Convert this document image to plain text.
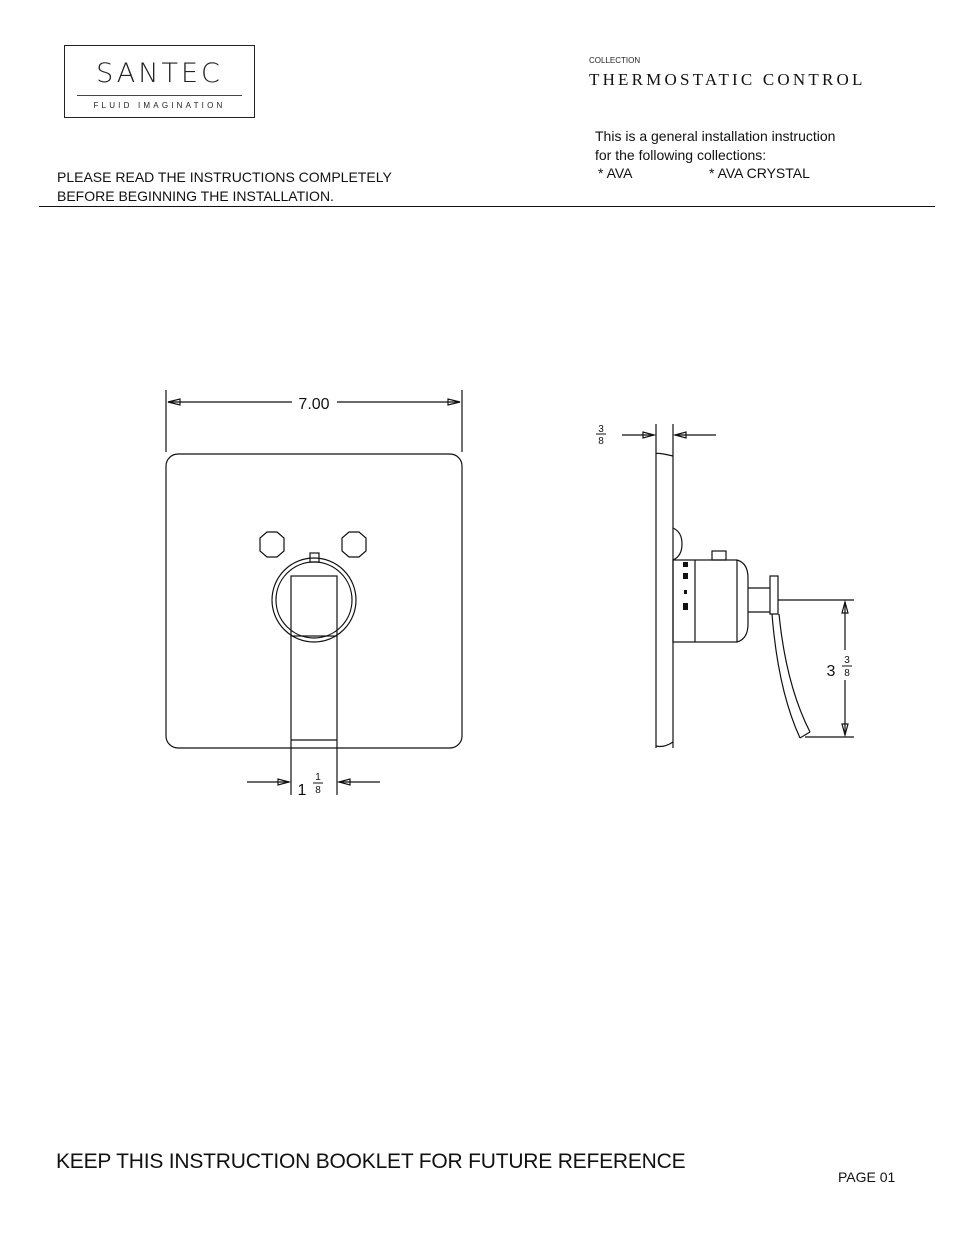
SANTEC
FLUID IMAGINATION
COLLECTION
THERMOSTATIC CONTROL
This is a general installation instruction
for the following collections:
* AVA	* AVA CRYSTAL
PLEASE READ THE INSTRUCTIONS COMPLETELY
BEFORE BEGINNING THE INSTALLATION.
7.00
1
1
8
3
8
3
3
8
KEEP THIS INSTRUCTION BOOKLET FOR FUTURE REFERENCE
PAGE 01
